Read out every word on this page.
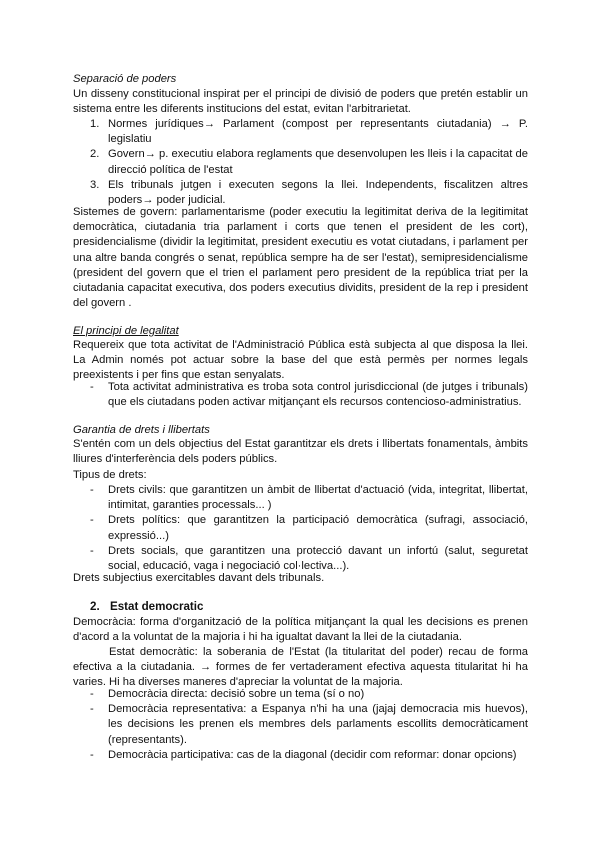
Separació de poders
Un disseny constitucional inspirat per el principi de divisió de poders que pretén establir un sistema entre les diferents institucions del estat, evitan l'arbitrarietat.
1. Normes jurídiques→ Parlament (compost per representants ciutadania) → P. legislatiu
2. Govern→ p. executiu elabora reglaments que desenvolupen les lleis i la capacitat de direcció política de l'estat
3. Els tribunals jutgen i executen segons la llei. Independents, fiscalitzen altres poders→ poder judicial.
Sistemes de govern: parlamentarisme (poder executiu la legitimitat deriva de la legitimitat democràtica, ciutadania tria parlament i corts que tenen el president de les cort), presidencialisme (dividir la legitimitat, president executiu es votat ciutadans, i parlament per una altre banda congrés o senat, república sempre ha de ser l'estat), semipresidencialisme (president del govern que el trien el parlament pero president de la república triat per la ciutadania capacitat executiva, dos poders executius dividits, president de la rep i president del govern .
El principi de legalitat
Requereix que tota activitat de l'Administració Pública està subjecta al que disposa la llei. La Admin només pot actuar sobre la base del que està permès per normes legals preexistents i per fins que estan senyalats.
- Tota activitat administrativa es troba sota control jurisdiccional (de jutges i tribunals) que els ciutadans poden activar mitjançant els recursos contencioso-administratius.
Garantia de drets i llibertats
S'entén com un dels objectius del Estat garantitzar els drets i llibertats fonamentals, àmbits lliures d'interferència dels poders públics.
Tipus de drets:
- Drets civils: que garantitzen un àmbit de llibertat d'actuació (vida, integritat, llibertat, intimitat, garanties processals... )
- Drets polítics: que garantitzen la participació democràtica (sufragi, associació, expressió...)
- Drets socials, que garantitzen una protecció davant un infortú (salut, seguretat social, educació, vaga i negociació col·lectiva...).
Drets subjectius exercitables davant dels tribunals.
2. Estat democratic
Democràcia: forma d'organització de la política mitjançant la qual les decisions es prenen d'acord a la voluntat de la majoria i hi ha igualtat davant la llei de la ciutadania.
Estat democràtic: la soberania de l'Estat (la titularitat del poder) recau de forma efectiva a la ciutadania. → formes de fer vertaderament efectiva aquesta titularitat hi ha varies. Hi ha diverses maneres d'apreciar la voluntat de la majoria.
- Democràcia directa: decisió sobre un tema (sí o no)
- Democràcia representativa: a Espanya n'hi ha una (jajaj democracia mis huevos), les decisions les prenen els membres dels parlaments escollits democràticament (representants).
- Democràcia participativa: cas de la diagonal (decidir com reformar: donar opcions)
